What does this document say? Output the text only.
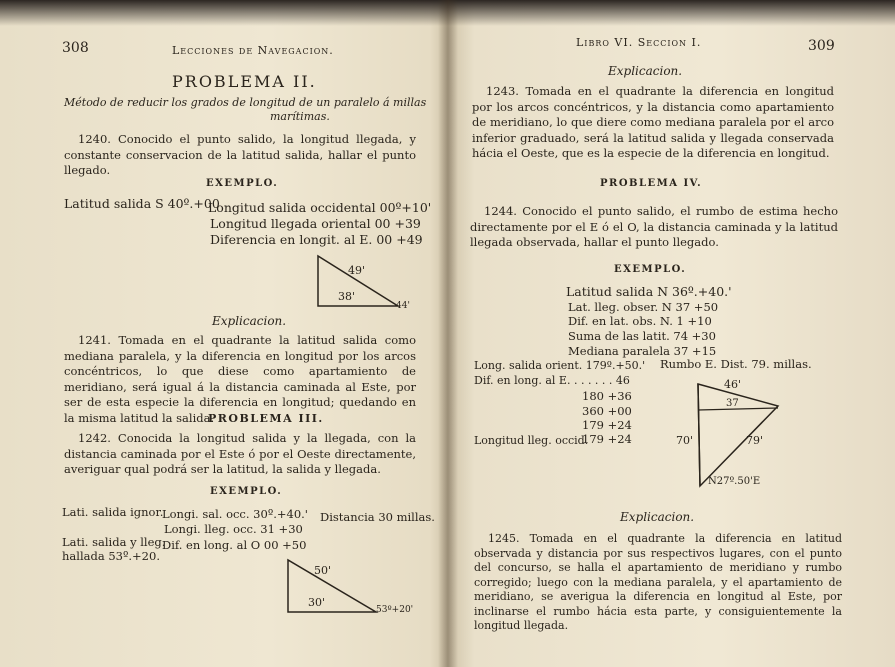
308	Lecciones de Navegacion.
PROBLEMA II.
Método de reducir los grados de longitud de un paralelo á millas
marítimas.
1240. Conocido el punto salido, la longitud llegada, y constante conservacion de la latitud salida, hallar el punto llegado.
EXEMPLO.
Latitud salida S 40º.+00
Longitud salida occidental 00º+10'
Longitud llegada oriental 00 +39
Diferencia en longit. al E. 00 +49
49'
38'
44'
Explicacion.
1241. Tomada en el quadrante la latitud salida como mediana paralela, y la diferencia en longitud por los arcos concéntricos, lo que diese como apartamiento de meridiano, será igual á la distancia caminada al Este, por ser de esta especie la diferencia en longitud; quedando en la misma latitud la salida.
PROBLEMA III.
1242. Conocida la longitud salida y la llegada, con la distancia caminada por el Este ó por el Oeste directamente, averiguar qual podrá ser la latitud, la salida y llegada.
EXEMPLO.
Lati. salida ignor.
Longi. sal. occ. 30º.+40.' Distancia 30 millas.
Longi. lleg. occ. 31 +30
Lati. salida y lleg.
Dif. en long. al O 00 +50
hallada 53º.+20.
50'
30'
53º+20'
Libro VI. Seccion I.	309
Explicacion.
1243. Tomada en el quadrante la diferencia en longitud por los arcos concéntricos, y la distancia como apartamiento de meridiano, lo que diere como mediana paralela por el arco inferior graduado, será la latitud salida y llegada conservada hácia el Oeste, que es la especie de la diferencia en longitud.
PROBLEMA IV.
1244. Conocido el punto salido, el rumbo de estima hecho directamente por el E ó el O, la distancia caminada y la latitud llegada observada, hallar el punto llegado.
EXEMPLO.
Latitud salida N 36º.+40.'
Lat. lleg. obser. N 37 +50
Dif. en lat. obs. N. 1 +10
Suma de las latit. 74 +30
Mediana paralela 37 +15
Long. salida orient. 179º.+50.' Rumbo E. Dist. 79. millas.
Dif. en long. al E. . . . . . . 46
180 +36
360 +00
179 +24
Longitud lleg. occid.
179 +24
46'
37
70'	79'
N27º.50'E
Explicacion.
1245. Tomada en el quadrante la diferencia en latitud observada y distancia por sus respectivos lugares, con el punto del concurso, se halla el apartamiento de meridiano y rumbo corregido; luego con la mediana paralela, y el apartamiento de meridiano, se averigua la diferencia en longitud al Este, por inclinarse el rumbo hácia esta parte, y consiguientemente la longitud llegada.
